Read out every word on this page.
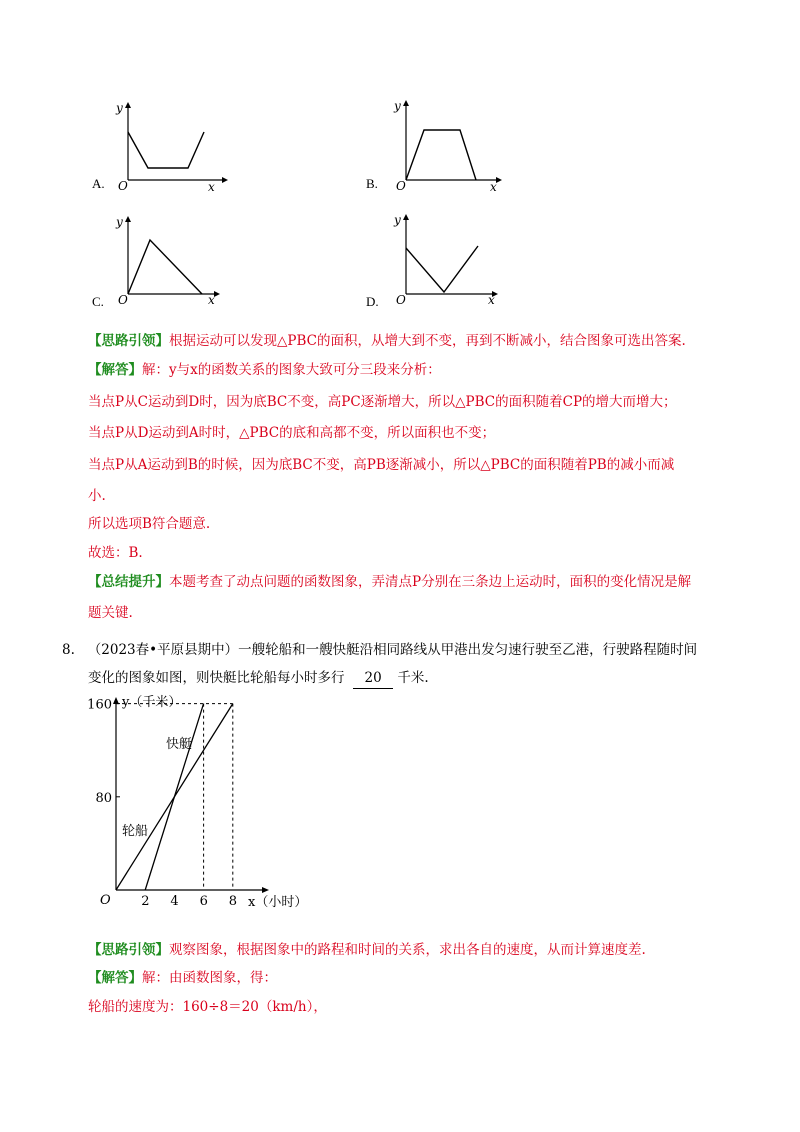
y
x
O
A.
y
x
O
B.
y
x
O
C.
y
x
O
D.
【思路引领】根据运动可以发现△PBC的面积，从增大到不变，再到不断减小，结合图象可选出答案.
【解答】解：y与x的函数关系的图象大致可分三段来分析：
当点P从C运动到D时，因为底BC不变，高PC逐渐增大，所以△PBC的面积随着CP的增大而增大；
当点P从D运动到A时时，△PBC的底和高都不变，所以面积也不变；
当点P从A运动到B的时候，因为底BC不变，高PB逐渐减小，所以△PBC的面积随着PB的减小而减
小.
所以选项B符合题意.
故选：B.
【总结提升】本题考查了动点问题的函数图象，弄清点P分别在三条边上运动时，面积的变化情况是解
题关键.
8. （2023春•平原县期中）一艘轮船和一艘快艇沿相同路线从甲港出发匀速行驶至乙港，行驶路程随时间
变化的图象如图，则快艇比轮船每小时多行 20 千米.
2 4 6 8
80
160 y（千米）
x（小时）
O
快艇
轮船
【思路引领】观察图象，根据图象中的路程和时间的关系，求出各自的速度，从而计算速度差.
【解答】解：由函数图象，得：
轮船的速度为：160÷8＝20（km/h），
